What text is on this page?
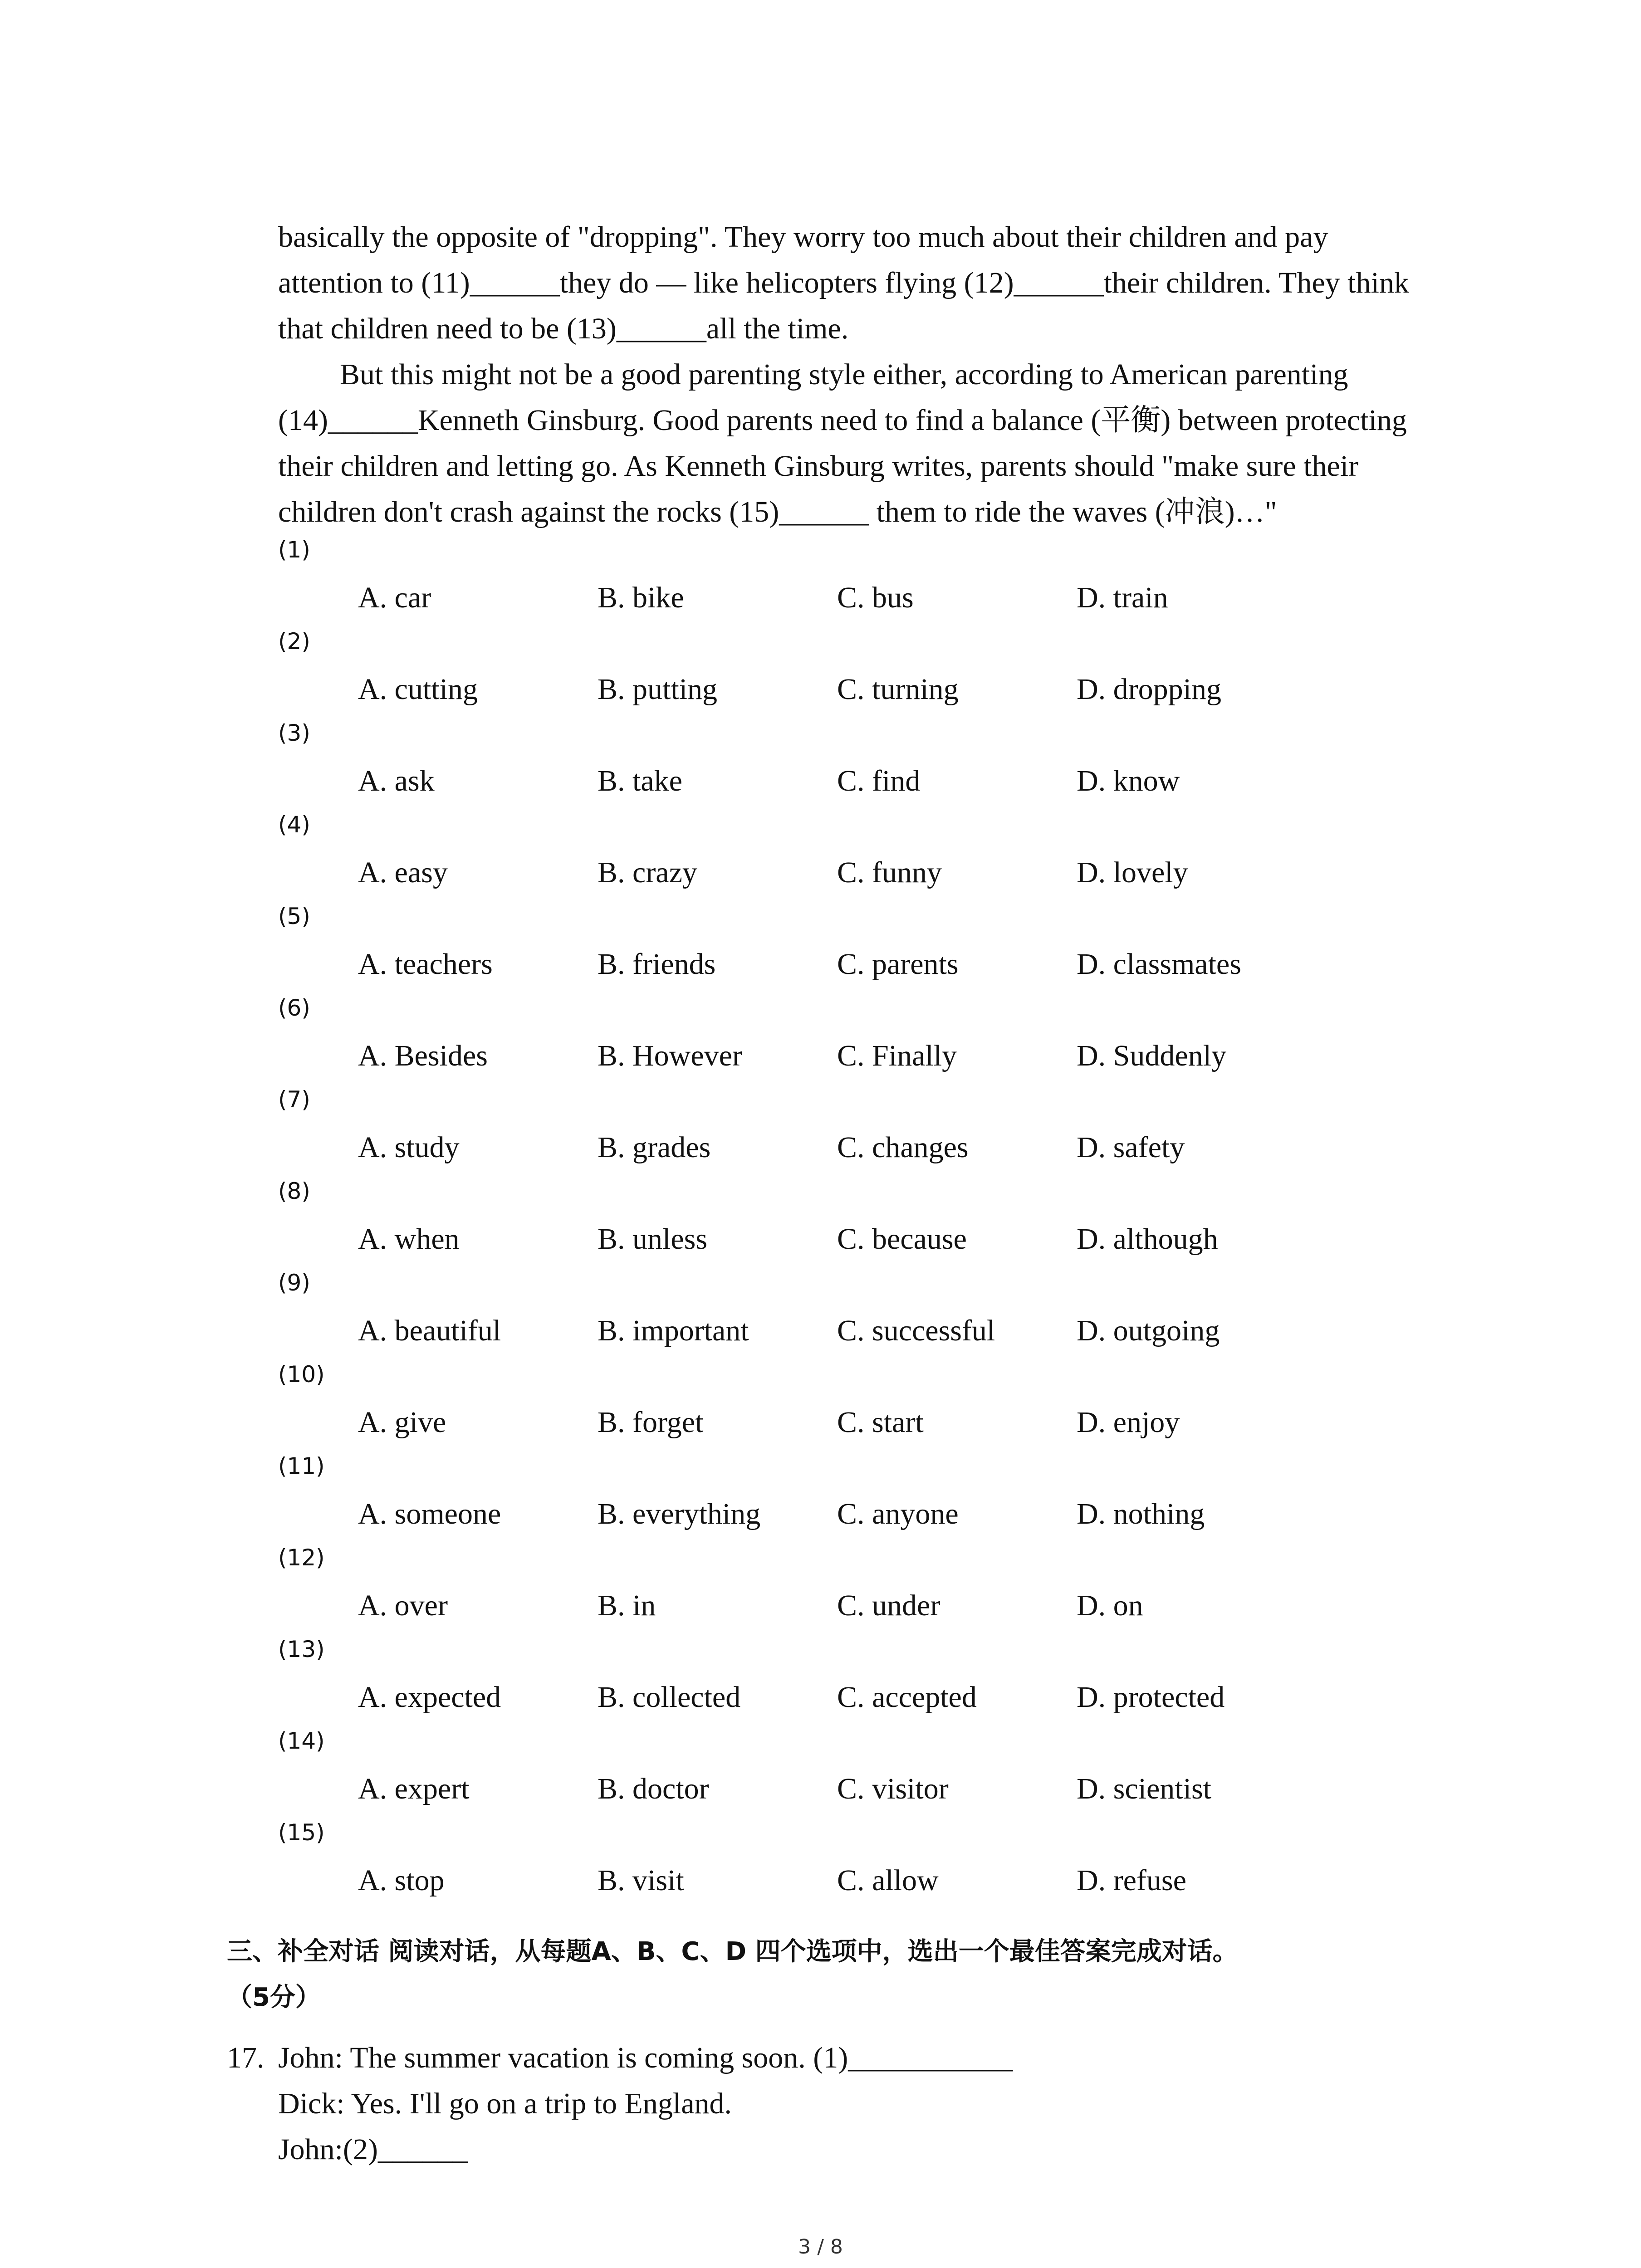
basically the opposite of "dropping". They worry too much about their children and pay
attention to (11)______they do — like helicopters flying (12)______their children. They think
that children need to be (13)______all the time.
But this might not be a good parenting style either, according to American parenting
(14)______Kenneth Ginsburg. Good parents need to find a balance (平衡) between protecting
their children and letting go. As Kenneth Ginsburg writes, parents should "make sure their
children don't crash against the rocks (15)______ them to ride the waves (冲浪)…"
(1)
A. car	B. bike	C. bus	D. train
(2)
A. cutting	B. putting	C. turning	D. dropping
(3)
A. ask	B. take	C. find	D. know
(4)
A. easy	B. crazy	C. funny	D. lovely
(5)
A. teachers	B. friends	C. parents	D. classmates
(6)
A. Besides	B. However	C. Finally	D. Suddenly
(7)
A. study	B. grades	C. changes	D. safety
(8)
A. when	B. unless	C. because	D. although
(9)
A. beautiful	B. important	C. successful	D. outgoing
(10)
A. give	B. forget	C. start	D. enjoy
(11)
A. someone	B. everything	C. anyone	D. nothing
(12)
A. over	B. in	C. under	D. on
(13)
A. expected	B. collected	C. accepted	D. protected
(14)
A. expert	B. doctor	C. visitor	D. scientist
(15)
A. stop	B. visit	C. allow	D. refuse
三、补全对话 阅读对话，从每题A、B、C、D 四个选项中，选出一个最佳答案完成对话。
（5分）
17. John: The summer vacation is coming soon. (1)___________
Dick: Yes. I'll go on a trip to England.
John:(2)______
3 / 8
